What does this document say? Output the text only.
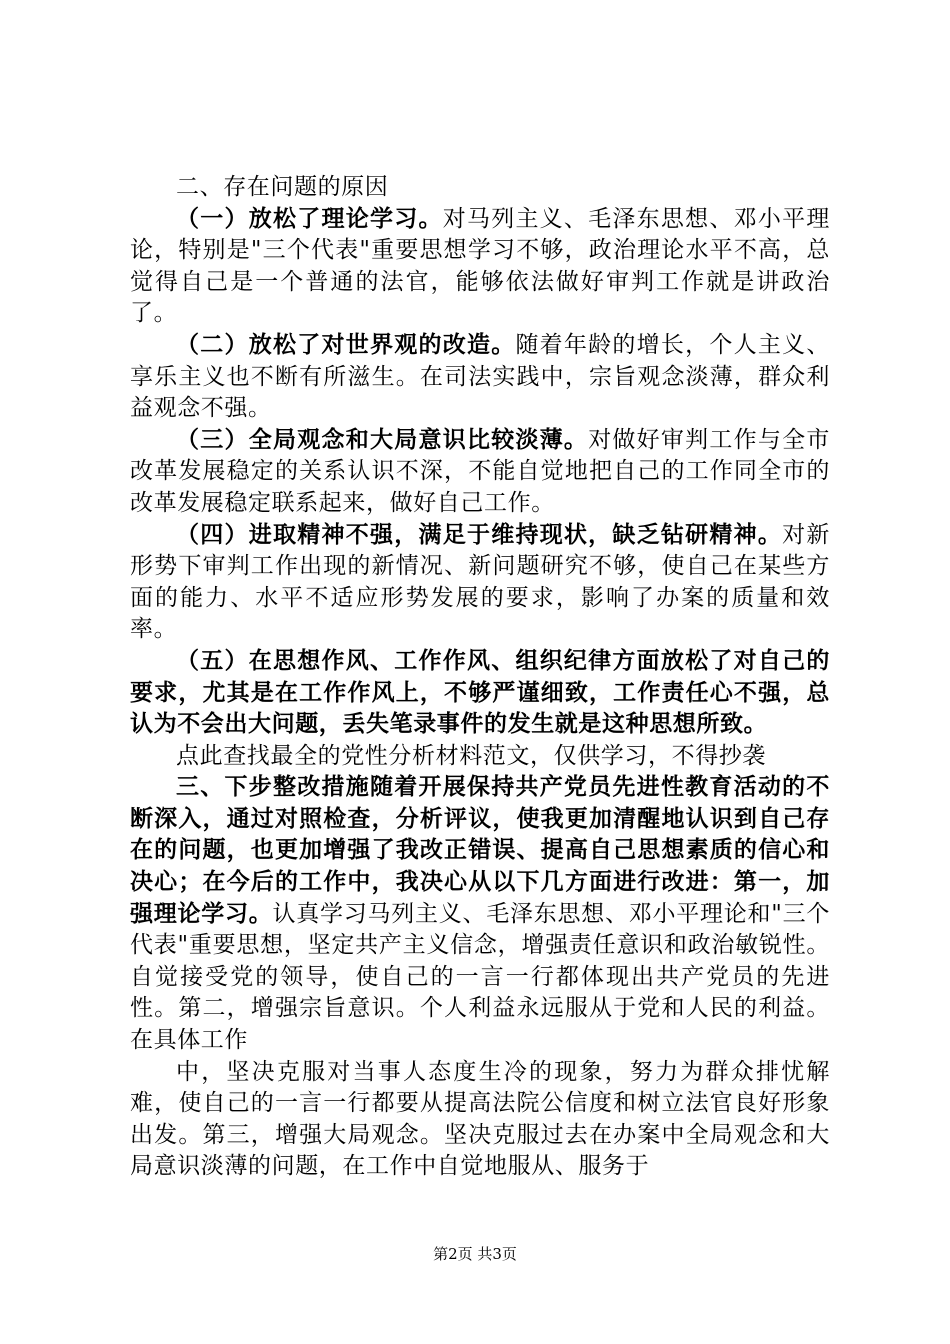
二、存在问题的原因

（一）放松了理论学习。对马列主义、毛泽东思想、邓小平理论，特别是"三个代表"重要思想学习不够，政治理论水平不高，总觉得自己是一个普通的法官，能够依法做好审判工作就是讲政治了。

（二）放松了对世界观的改造。随着年龄的增长，个人主义、享乐主义也不断有所滋生。在司法实践中，宗旨观念淡薄，群众利益观念不强。

（三）全局观念和大局意识比较淡薄。对做好审判工作与全市改革发展稳定的关系认识不深，不能自觉地把自己的工作同全市的改革发展稳定联系起来，做好自己工作。

（四）进取精神不强，满足于维持现状，缺乏钻研精神。对新形势下审判工作出现的新情况、新问题研究不够，使自己在某些方面的能力、水平不适应形势发展的要求，影响了办案的质量和效率。

（五）在思想作风、工作作风、组织纪律方面放松了对自己的要求，尤其是在工作作风上，不够严谨细致，工作责任心不强，总认为不会出大问题，丢失笔录事件的发生就是这种思想所致。

点此查找最全的党性分析材料范文，仅供学习，不得抄袭

三、下步整改措施随着开展保持共产党员先进性教育活动的不断深入，通过对照检查，分析评议，使我更加清醒地认识到自己存在的问题，也更加增强了我改正错误、提高自己思想素质的信心和决心；在今后的工作中，我决心从以下几方面进行改进：第一，加强理论学习。认真学习马列主义、毛泽东思想、邓小平理论和"三个代表"重要思想，坚定共产主义信念，增强责任意识和政治敏锐性。自觉接受党的领导，使自己的一言一行都体现出共产党员的先进性。第二，增强宗旨意识。个人利益永远服从于党和人民的利益。在具体工作

中，坚决克服对当事人态度生冷的现象，努力为群众排忧解难，使自己的一言一行都要从提高法院公信度和树立法官良好形象出发。第三，增强大局观念。坚决克服过去在办案中全局观念和大局意识淡薄的问题，在工作中自觉地服从、服务于

第2页 共3页
